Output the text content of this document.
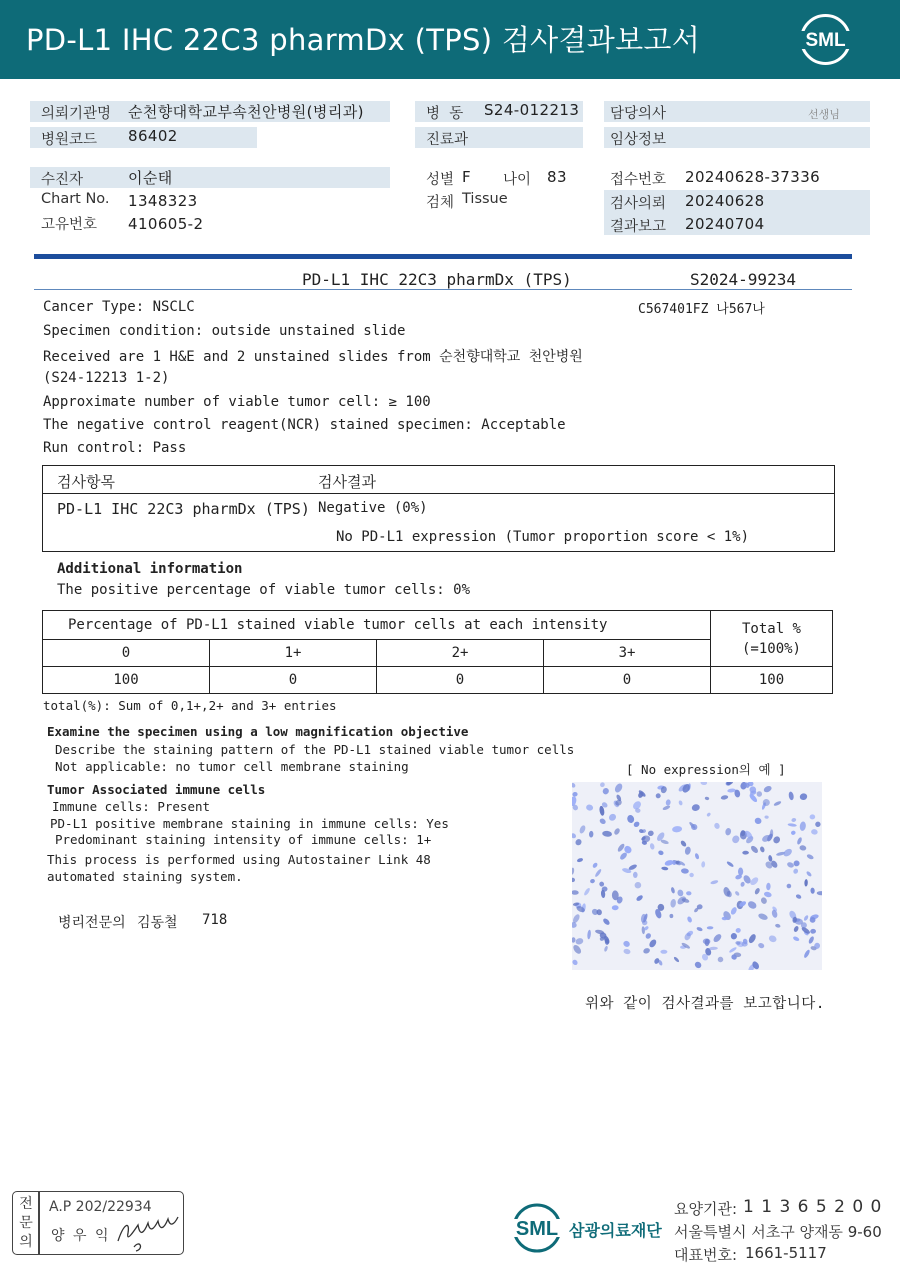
PD-L1 IHC 22C3 pharmDx (TPS) 검사결과보고서	SML
의뢰기관명 순천향대학교부속천안병원(병리과)
병원코드 86402
병  동 S24-012213
진료과
담당의사	선생님
임상정보
수진자	이순태
Chart No. 1348323
고유번호 410605-2
성별 F 나이 83
검체 Tissue
접수번호 20240628-37336
검사의뢰 20240628
결과보고 20240704
PD-L1 IHC 22C3 pharmDx (TPS)	S2024-99234
Cancer Type: NSCLC	C567401FZ 나567나
Specimen condition: outside unstained slide
Received are 1 H&E and 2 unstained slides from 순천향대학교 천안병원
(S24-12213 1-2)
Approximate number of viable tumor cell: ≥ 100
The negative control reagent(NCR) stained specimen: Acceptable
Run control: Pass
검사항목	검사결과
PD-L1 IHC 22C3 pharmDx (TPS) Negative (0%)
No PD-L1 expression (Tumor proportion score < 1%)
Additional information
The positive percentage of viable tumor cells: 0%
Percentage of PD-L1 stained viable tumor cells at each intensity				Total %
(=100%)
0	1+	2+	3+	
100	0	0	0	100
total(%): Sum of 0,1+,2+ and 3+ entries
Examine the specimen using a low magnification objective
Describe the staining pattern of the PD-L1 stained viable tumor cells
Not applicable: no tumor cell membrane staining	[ No expression의 예 ]
Tumor Associated immune cells
Immune cells: Present
PD-L1 positive membrane staining in immune cells: Yes
Predominant staining intensity of immune cells: 1+
This process is performed using Autostainer Link 48
automated staining system.
병리전문의 김동철 718
위와 같이 검사결과를 보고합니다.
전
문
의
A.P 202/22934
양 우 익	SML 삼광의료재단
요양기관: 1 1 3 6 5 2 0 0
서울특별시 서초구 양재동 9-60
대표번호: 1661-5117
